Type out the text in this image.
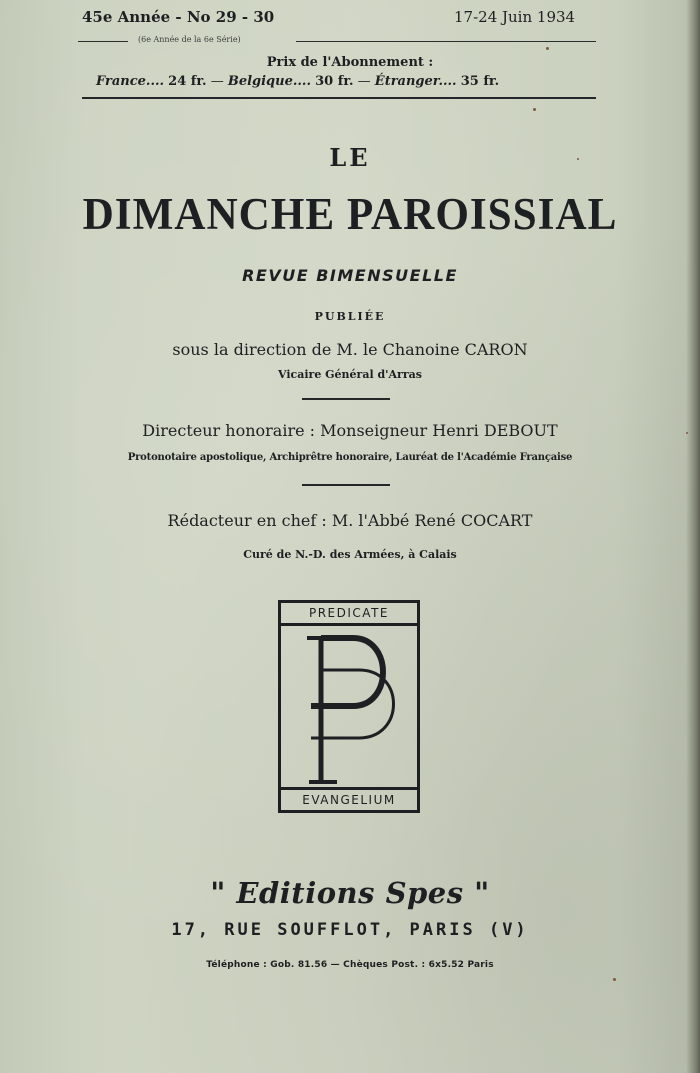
45e Année - No 29 - 30	17-24 Juin 1934
(6e Année de la 6e Série)
Prix de l'Abonnement :
France.... 24 fr. — Belgique.... 30 fr. — Étranger.... 35 fr.
LE
DIMANCHE PAROISSIAL
REVUE BIMENSUELLE
PUBLIÉE
sous la direction de M. le Chanoine CARON
Vicaire Général d'Arras
Directeur honoraire : Monseigneur Henri DEBOUT
Protonotaire apostolique, Archiprêtre honoraire, Lauréat de l'Académie Française
Rédacteur en chef : M. l'Abbé René COCART
Curé de N.-D. des Armées, à Calais
PREDICATE
EVANGELIUM
" Editions Spes "
17, RUE SOUFFLOT, PARIS (V)
Téléphone : Gob. 81.56 — Chèques Post. : 6x5.52 Paris
